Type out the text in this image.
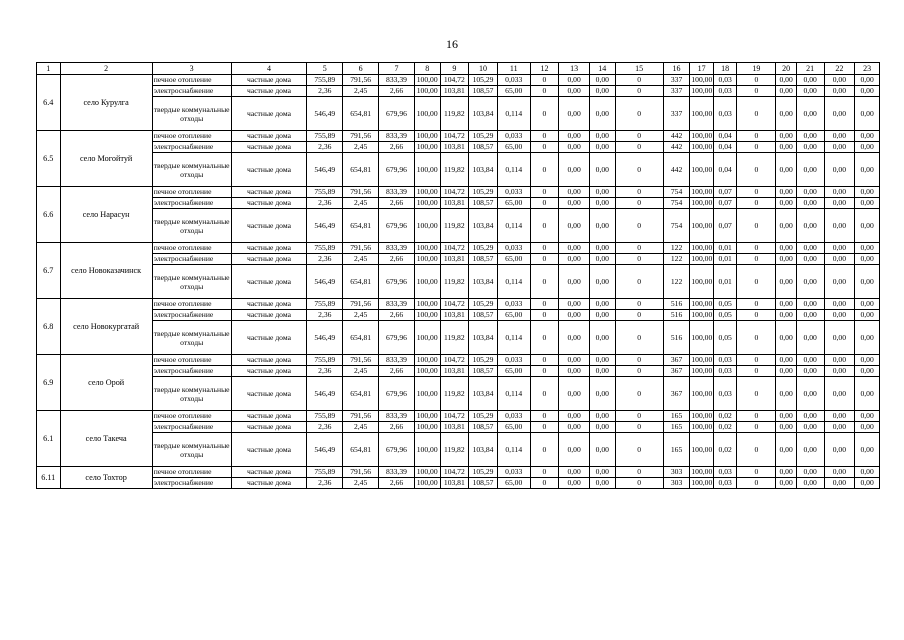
16
1	2	3	4	5	6	7	8	9	10	11	12	13	14	15	16	17	18	19	20	21	22	23
6.4	село Курулга	печное отопление	частные дома	755,89	791,56	833,39	100,00	104,72	105,29	0,033	0	0,00	0,00	0	337	100,00	0,03	0	0,00	0,00	0,00	0,00
		электроснабжение	частные дома	2,36	2,45	2,66	100,00	103,81	108,57	65,00	0	0,00	0,00	0	337	100,00	0,03	0	0,00	0,00	0,00	0,00
		твердые коммунальные отходы	частные дома	546,49	654,81	679,96	100,00	119,82	103,84	0,114	0	0,00	0,00	0	337	100,00	0,03	0	0,00	0,00	0,00	0,00
6.5	село Могойтуй	печное отопление	частные дома	755,89	791,56	833,39	100,00	104,72	105,29	0,033	0	0,00	0,00	0	442	100,00	0,04	0	0,00	0,00	0,00	0,00
		электроснабжение	частные дома	2,36	2,45	2,66	100,00	103,81	108,57	65,00	0	0,00	0,00	0	442	100,00	0,04	0	0,00	0,00	0,00	0,00
		твердые коммунальные отходы	частные дома	546,49	654,81	679,96	100,00	119,82	103,84	0,114	0	0,00	0,00	0	442	100,00	0,04	0	0,00	0,00	0,00	0,00
6.6	село Нарасун	печное отопление	частные дома	755,89	791,56	833,39	100,00	104,72	105,29	0,033	0	0,00	0,00	0	754	100,00	0,07	0	0,00	0,00	0,00	0,00
		электроснабжение	частные дома	2,36	2,45	2,66	100,00	103,81	108,57	65,00	0	0,00	0,00	0	754	100,00	0,07	0	0,00	0,00	0,00	0,00
		твердые коммунальные отходы	частные дома	546,49	654,81	679,96	100,00	119,82	103,84	0,114	0	0,00	0,00	0	754	100,00	0,07	0	0,00	0,00	0,00	0,00
6.7	село Новоказачинск	печное отопление	частные дома	755,89	791,56	833,39	100,00	104,72	105,29	0,033	0	0,00	0,00	0	122	100,00	0,01	0	0,00	0,00	0,00	0,00
		электроснабжение	частные дома	2,36	2,45	2,66	100,00	103,81	108,57	65,00	0	0,00	0,00	0	122	100,00	0,01	0	0,00	0,00	0,00	0,00
		твердые коммунальные отходы	частные дома	546,49	654,81	679,96	100,00	119,82	103,84	0,114	0	0,00	0,00	0	122	100,00	0,01	0	0,00	0,00	0,00	0,00
6.8	село Новокургатай	печное отопление	частные дома	755,89	791,56	833,39	100,00	104,72	105,29	0,033	0	0,00	0,00	0	516	100,00	0,05	0	0,00	0,00	0,00	0,00
		электроснабжение	частные дома	2,36	2,45	2,66	100,00	103,81	108,57	65,00	0	0,00	0,00	0	516	100,00	0,05	0	0,00	0,00	0,00	0,00
		твердые коммунальные отходы	частные дома	546,49	654,81	679,96	100,00	119,82	103,84	0,114	0	0,00	0,00	0	516	100,00	0,05	0	0,00	0,00	0,00	0,00
6.9	село Орой	печное отопление	частные дома	755,89	791,56	833,39	100,00	104,72	105,29	0,033	0	0,00	0,00	0	367	100,00	0,03	0	0,00	0,00	0,00	0,00
		электроснабжение	частные дома	2,36	2,45	2,66	100,00	103,81	108,57	65,00	0	0,00	0,00	0	367	100,00	0,03	0	0,00	0,00	0,00	0,00
		твердые коммунальные отходы	частные дома	546,49	654,81	679,96	100,00	119,82	103,84	0,114	0	0,00	0,00	0	367	100,00	0,03	0	0,00	0,00	0,00	0,00
6.1	село Такеча	печное отопление	частные дома	755,89	791,56	833,39	100,00	104,72	105,29	0,033	0	0,00	0,00	0	165	100,00	0,02	0	0,00	0,00	0,00	0,00
		электроснабжение	частные дома	2,36	2,45	2,66	100,00	103,81	108,57	65,00	0	0,00	0,00	0	165	100,00	0,02	0	0,00	0,00	0,00	0,00
		твердые коммунальные отходы	частные дома	546,49	654,81	679,96	100,00	119,82	103,84	0,114	0	0,00	0,00	0	165	100,00	0,02	0	0,00	0,00	0,00	0,00
6.11	село Тохтор	печное отопление	частные дома	755,89	791,56	833,39	100,00	104,72	105,29	0,033	0	0,00	0,00	0	303	100,00	0,03	0	0,00	0,00	0,00	0,00
		электроснабжение	частные дома	2,36	2,45	2,66	100,00	103,81	108,57	65,00	0	0,00	0,00	0	303	100,00	0,03	0	0,00	0,00	0,00	0,00
